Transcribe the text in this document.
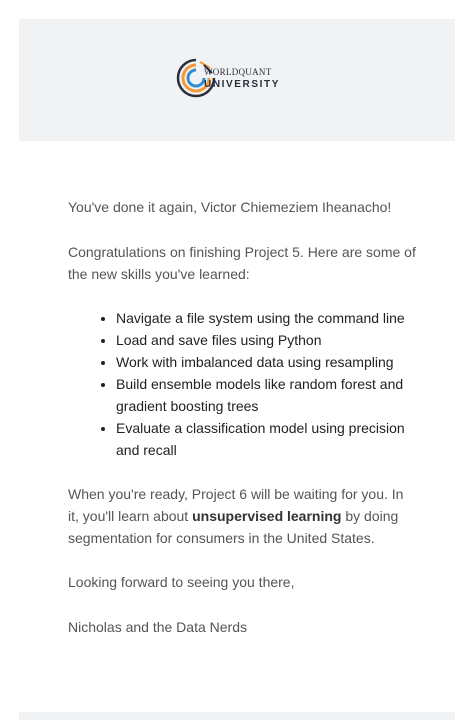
WORLDQUANT
UNIVERSITY

You've done it again, Victor Chiemeziem Iheanacho!

Congratulations on finishing Project 5. Here are some of the new skills you've learned:

• Navigate a file system using the command line
• Load and save files using Python
• Work with imbalanced data using resampling
• Build ensemble models like random forest and gradient boosting trees
• Evaluate a classification model using precision and recall

When you're ready, Project 6 will be waiting for you. In it, you'll learn about unsupervised learning by doing segmentation for consumers in the United States.

Looking forward to seeing you there,

Nicholas and the Data Nerds
